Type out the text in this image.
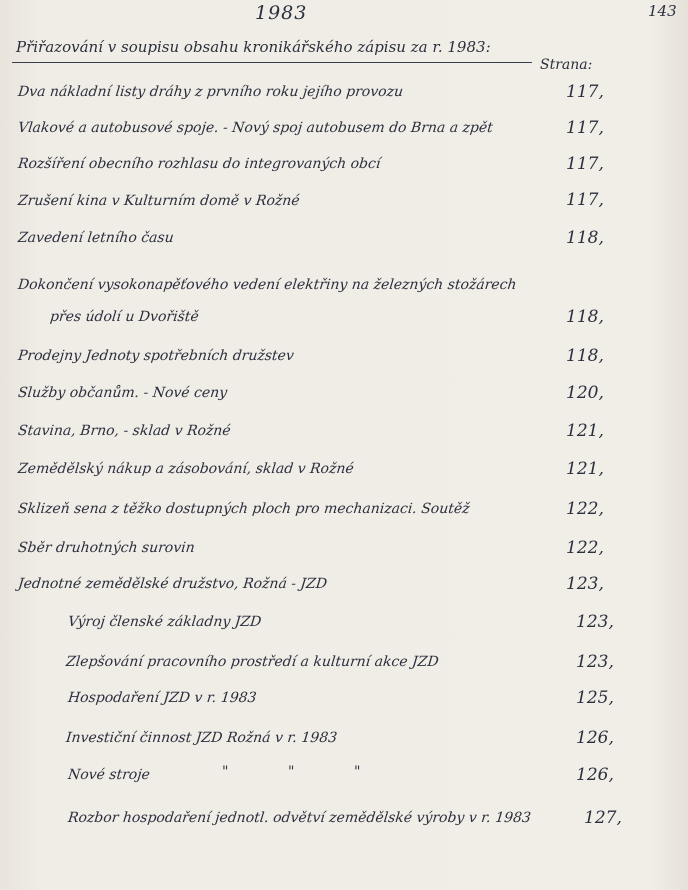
1983	143
Přiřazování v soupisu obsahu kronikářského zápisu za r. 1983:
Strana:
Dva nákladní listy dráhy z prvního roku jejího provozu	117,
Vlakové a autobusové spoje. - Nový spoj autobusem do Brna a zpět	117,
Rozšíření obecního rozhlasu do integrovaných obcí	117,
Zrušení kina v Kulturním domě v Rožné	117,
Zavedení letního času	118,
Dokončení vysokonapěťového vedení elektřiny na železných stožárech
přes údolí u Dvořiště	118,
Prodejny Jednoty spotřebních družstev	118,
Služby občanům. - Nové ceny	120,
Stavina, Brno, - sklad v Rožné	121,
Zemědělský nákup a zásobování, sklad v Rožné	121,
Sklizeň sena z těžko dostupných ploch pro mechanizaci. Soutěž	122,
Sběr druhotných surovin	122,
Jednotné zemědělské družstvo, Rožná - JZD	123,
Výroj členské základny JZD	123,
Zlepšování pracovního prostředí a kulturní akce JZD	123,
Hospodaření JZD v r. 1983	125,
Investiční činnost JZD Rožná v r. 1983	126,
Nové stroje	"	"	"	126,
Rozbor hospodaření jednotl. odvětví zemědělské výroby v r. 1983	127,
